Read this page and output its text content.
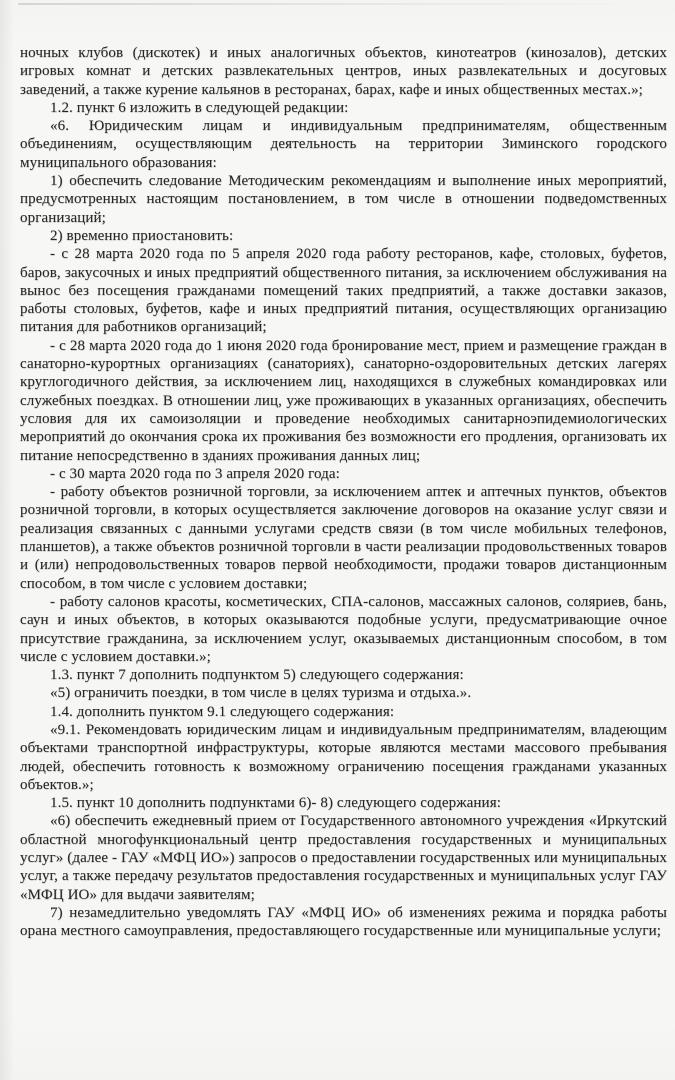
ночных клубов (дискотек) и иных аналогичных объектов, кинотеатров (кинозалов), детских игровых комнат и детских развлекательных центров, иных развлекательных и досуговых заведений, а также курение кальянов в ресторанах, барах, кафе и иных общественных местах.»;

1.2. пункт 6 изложить в следующей редакции:

«6. Юридическим лицам и индивидуальным предпринимателям, общественным объединениям, осуществляющим деятельность на территории Зиминского городского муниципального образования:

1) обеспечить следование Методическим рекомендациям и выполнение иных мероприятий, предусмотренных настоящим постановлением, в том числе в отношении подведомственных организаций;

2) временно приостановить:

- с 28 марта 2020 года по 5 апреля 2020 года работу ресторанов, кафе, столовых, буфетов, баров, закусочных и иных предприятий общественного питания, за исключением обслуживания на вынос без посещения гражданами помещений таких предприятий, а также доставки заказов, работы столовых, буфетов, кафе и иных предприятий питания, осуществляющих организацию питания для работников организаций;

- с 28 марта 2020 года до 1 июня 2020 года бронирование мест, прием и размещение граждан в санаторно-курортных организациях (санаториях), санаторно-оздоровительных детских лагерях круглогодичного действия, за исключением лиц, находящихся в служебных командировках или служебных поездках. В отношении лиц, уже проживающих в указанных организациях, обеспечить условия для их самоизоляции и проведение необходимых санитарноэпидемиологических мероприятий до окончания срока их проживания без возможности его продления, организовать их питание непосредственно в зданиях проживания данных лиц;

- с 30 марта 2020 года по 3 апреля 2020 года:

- работу объектов розничной торговли, за исключением аптек и аптечных пунктов, объектов розничной торговли, в которых осуществляется заключение договоров на оказание услуг связи и реализация связанных с данными услугами средств связи (в том числе мобильных телефонов, планшетов), а также объектов розничной торговли в части реализации продовольственных товаров и (или) непродовольственных товаров первой необходимости, продажи товаров дистанционным способом, в том числе с условием доставки;

- работу салонов красоты, косметических, СПА-салонов, массажных салонов, соляриев, бань, саун и иных объектов, в которых оказываются подобные услуги, предусматривающие очное присутствие гражданина, за исключением услуг, оказываемых дистанционным способом, в том числе с условием доставки.»;

1.3. пункт 7 дополнить подпунктом 5) следующего содержания:

«5) ограничить поездки, в том числе в целях туризма и отдыха.».

1.4. дополнить пунктом 9.1 следующего содержания:

«9.1. Рекомендовать юридическим лицам и индивидуальным предпринимателям, владеющим объектами транспортной инфраструктуры, которые являются местами массового пребывания людей, обеспечить готовность к возможному ограничению посещения гражданами указанных объектов.»;

1.5. пункт 10 дополнить подпунктами 6)- 8) следующего содержания:

«6) обеспечить ежедневный прием от Государственного автономного учреждения «Иркутский областной многофункциональный центр предоставления государственных и муниципальных услуг» (далее - ГАУ «МФЦ ИО») запросов о предоставлении государственных или муниципальных услуг, а также передачу результатов предоставления государственных и муниципальных услуг ГАУ «МФЦ ИО» для выдачи заявителям;

7) незамедлительно уведомлять ГАУ «МФЦ ИО» об изменениях режима и порядка работы орана местного самоуправления, предоставляющего государственные или муниципальные услуги;
